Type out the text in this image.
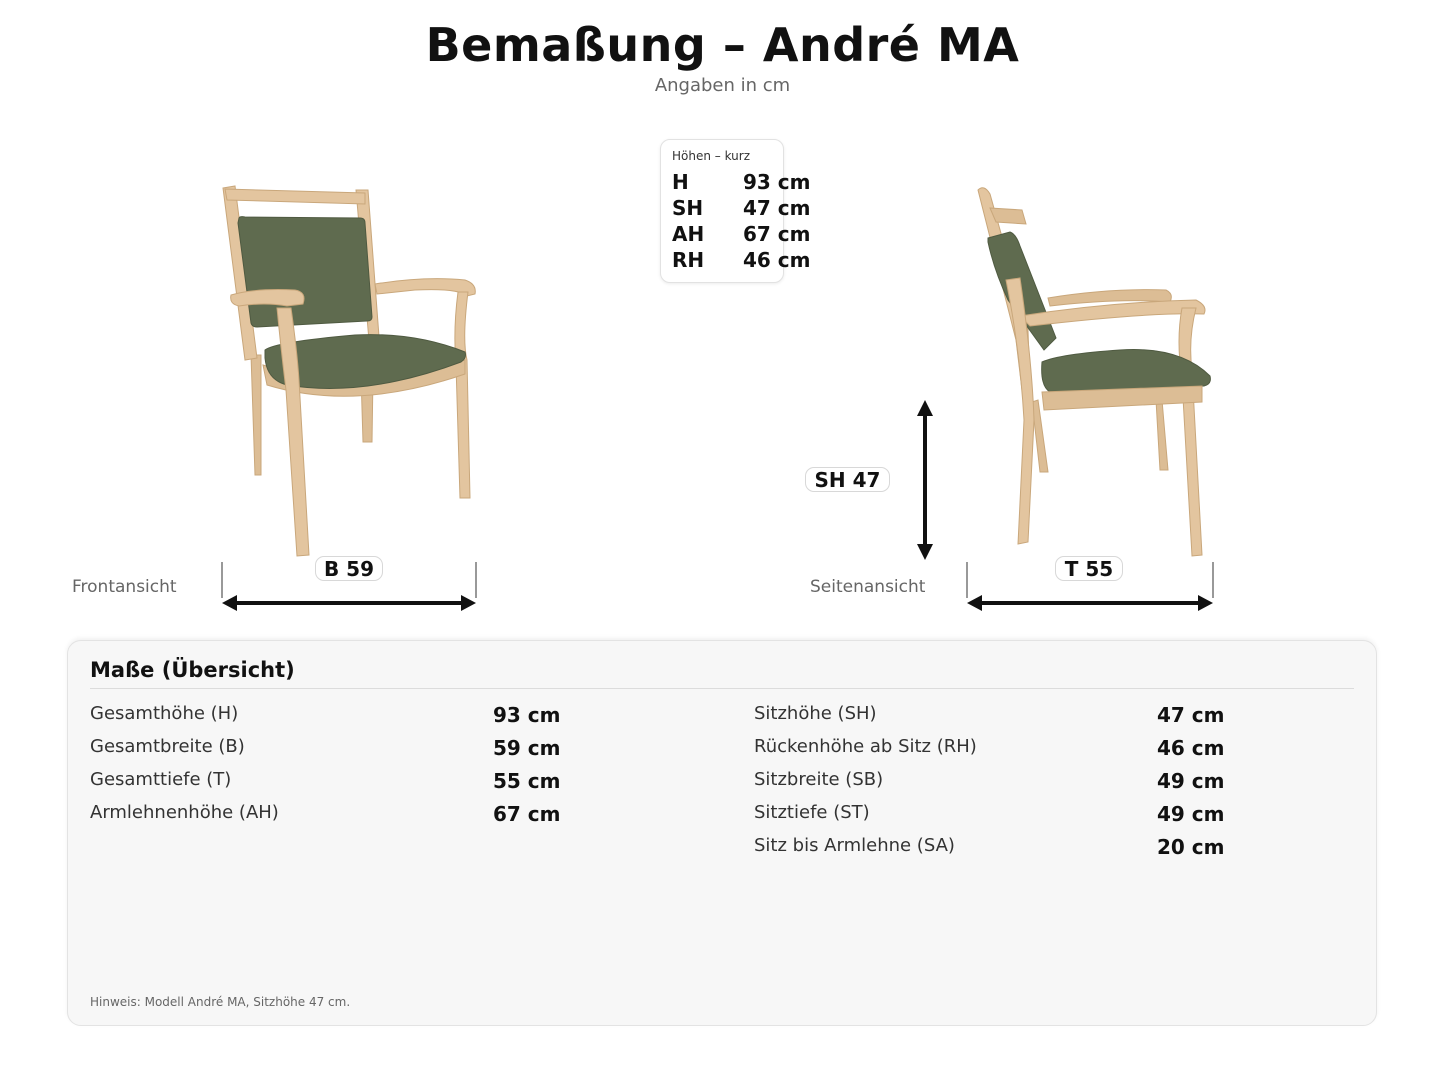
Bemaßung – André MA
Angaben in cm
Höhen – kurz
H	93 cm
SH 47 cm
AH 67 cm
RH 46 cm
B 59	T 55
SH 47
Frontansicht	Seitenansicht
Maße (Übersicht)
Gesamthöhe (H)	93 cm
Gesamtbreite (B)	59 cm
Gesamttiefe (T)	55 cm
Armlehnenhöhe (AH)	67 cm
Sitzhöhe (SH)	47 cm
Rückenhöhe ab Sitz (RH)	46 cm
Sitzbreite (SB)	49 cm
Sitztiefe (ST)	49 cm
Sitz bis Armlehne (SA)	20 cm
Hinweis: Modell André MA, Sitzhöhe 47 cm.
